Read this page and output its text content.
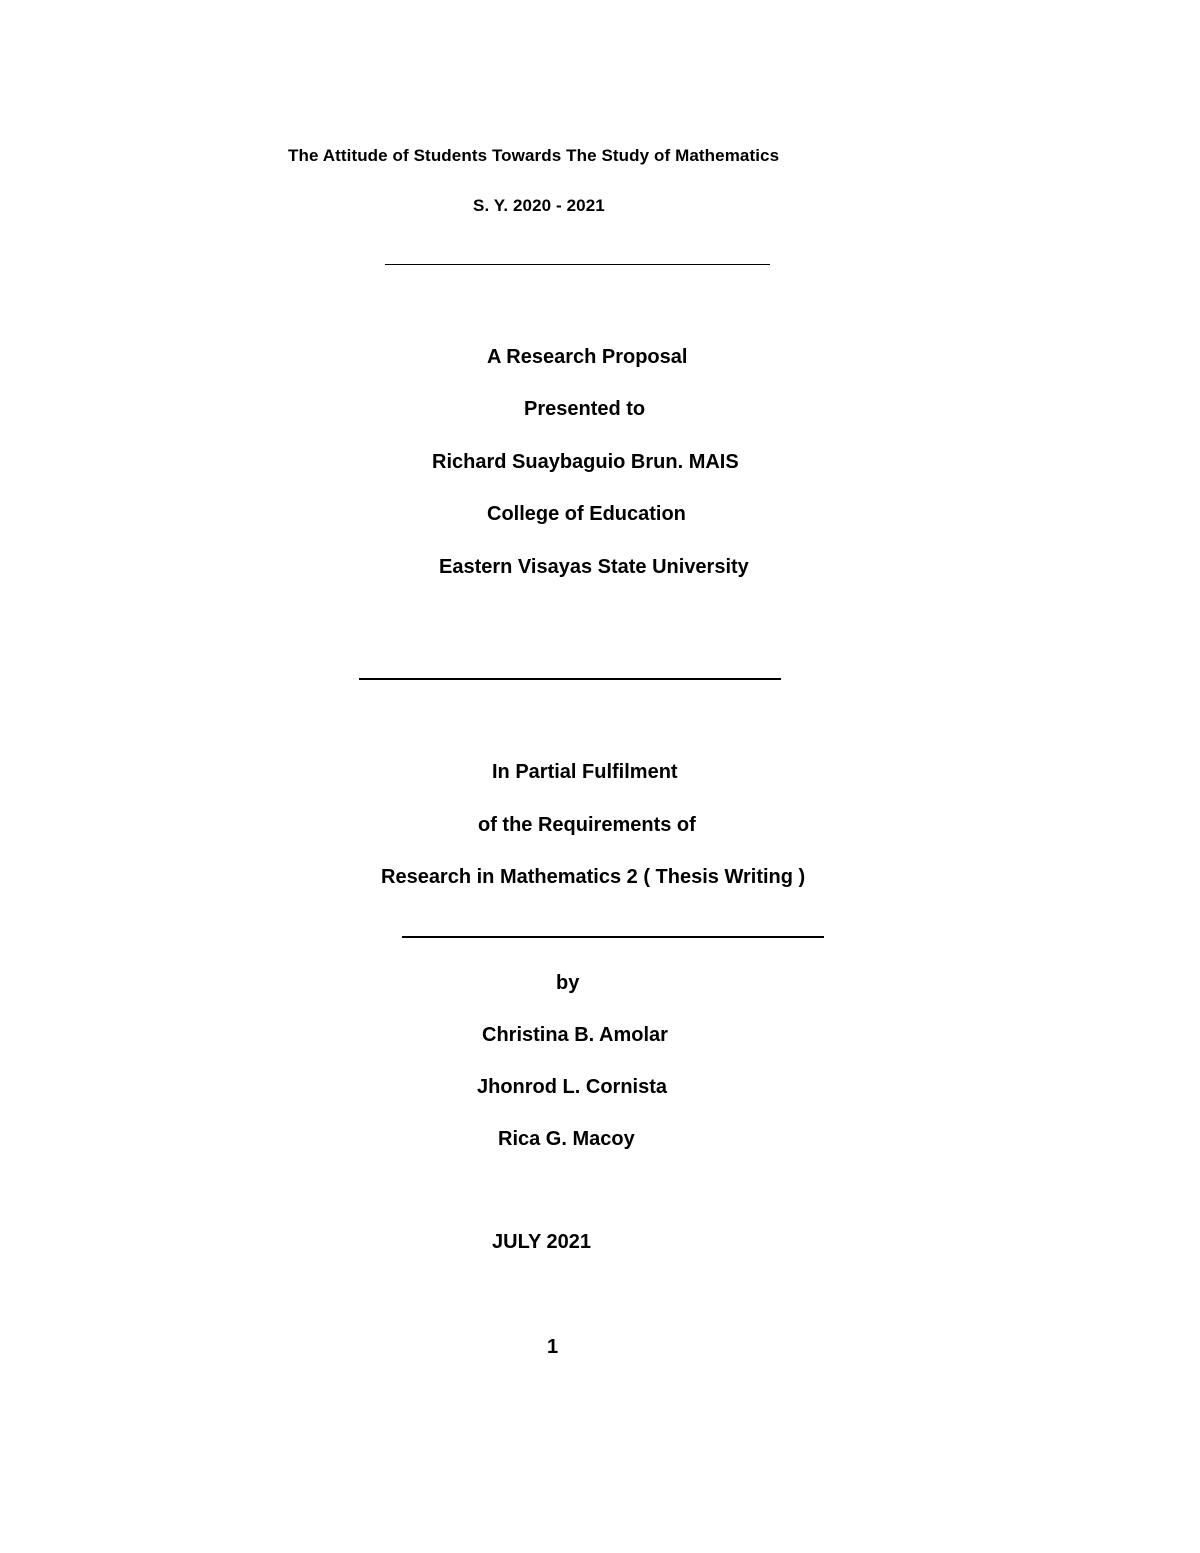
The Attitude of Students Towards The Study of Mathematics
S. Y. 2020 - 2021
A Research Proposal
Presented to
Richard Suaybaguio Brun. MAIS
College of Education
Eastern Visayas State University
In Partial Fulfilment
of the Requirements of
Research in Mathematics 2 ( Thesis Writing )
by
Christina B. Amolar
Jhonrod L. Cornista
Rica G. Macoy
JULY 2021
1
